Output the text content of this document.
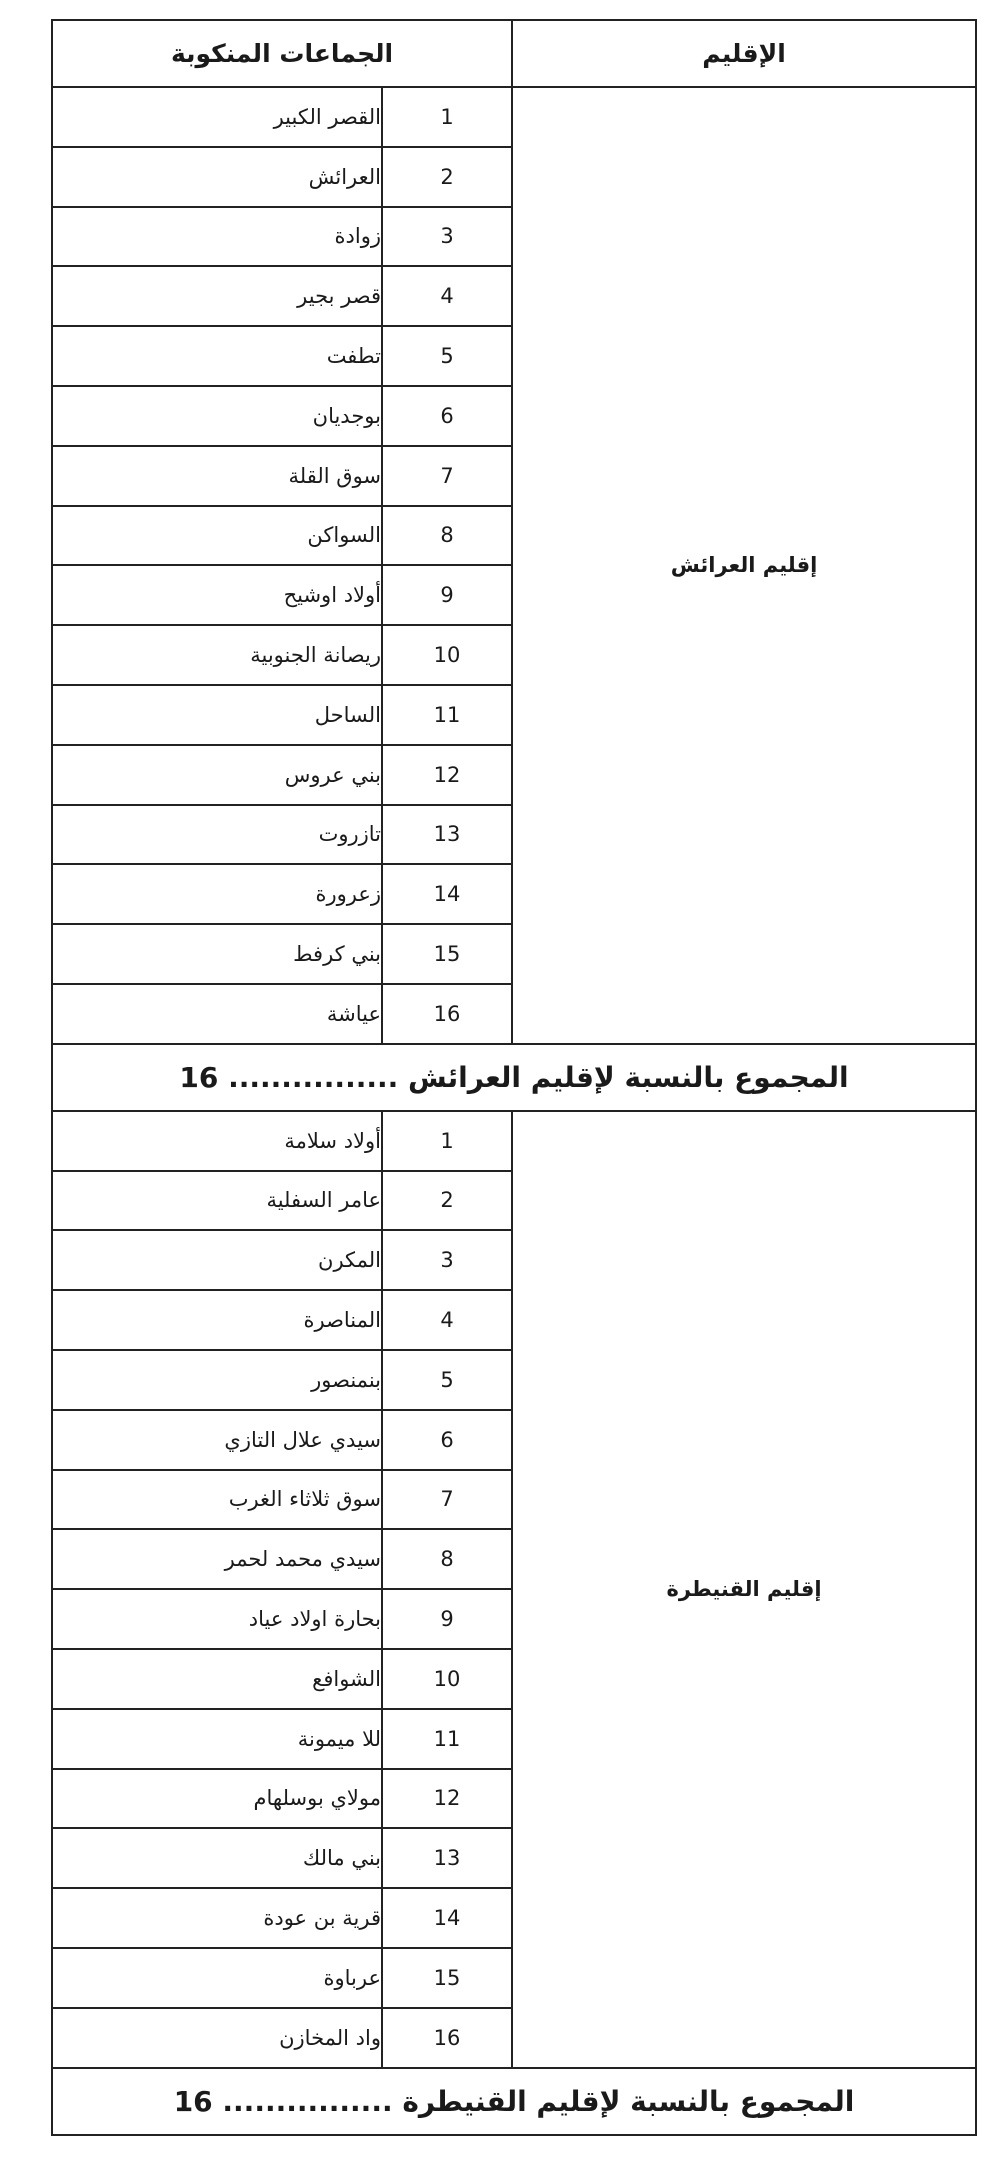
الإقليم	الجماعات المنكوبة	
إقليم العرائش	1	القصر الكبير
	2	العرائش
	3	زوادة
	4	قصر بجير
	5	تطفت
	6	بوجديان
	7	سوق القلة
	8	السواكن
	9	أولاد اوشيح
	10	ريصانة الجنوبية
	11	الساحل
	12	بني عروس
	13	تازروت
	14	زعرورة
	15	بني كرفط
	16	عياشة
المجموع بالنسبة لإقليم العرائش ................ 16		
إقليم القنيطرة	1	أولاد سلامة
	2	عامر السفلية
	3	المكرن
	4	المناصرة
	5	بنمنصور
	6	سيدي علال التازي
	7	سوق ثلاثاء الغرب
	8	سيدي محمد لحمر
	9	بحارة اولاد عياد
	10	الشوافع
	11	للا ميمونة
	12	مولاي بوسلهام
	13	بني مالك
	14	قرية بن عودة
	15	عرباوة
	16	واد المخازن
المجموع بالنسبة لإقليم القنيطرة ................ 16		
